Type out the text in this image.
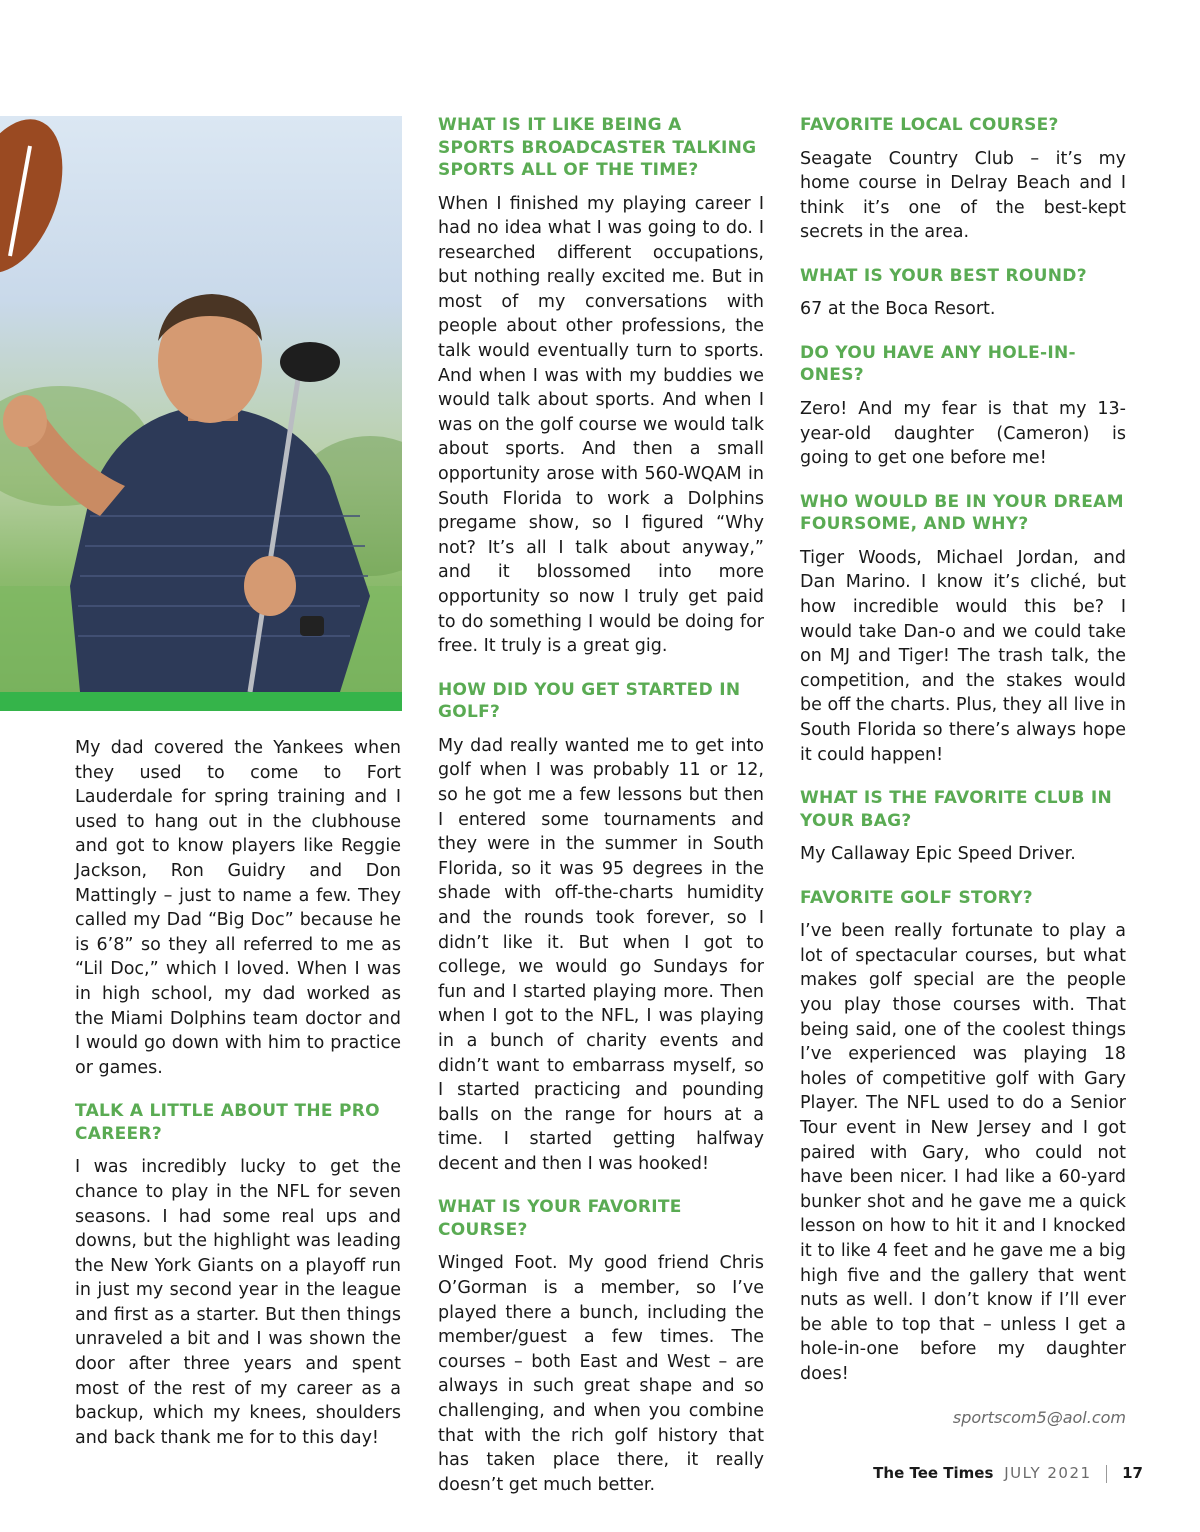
My dad covered the Yankees when they used to come to Fort Lauderdale for spring training and I used to hang out in the clubhouse and got to know players like Reggie Jackson, Ron Guidry and Don Mattingly – just to name a few. They called my Dad “Big Doc” because he is 6’8” so they all referred to me as “Lil Doc,” which I loved. When I was in high school, my dad worked as the Miami Dolphins team doctor and I would go down with him to practice or games.

TALK A LITTLE ABOUT THE PRO CAREER?

I was incredibly lucky to get the chance to play in the NFL for seven seasons. I had some real ups and downs, but the highlight was leading the New York Giants on a playoff run in just my second year in the league and first as a starter. But then things unraveled a bit and I was shown the door after three years and spent most of the rest of my career as a backup, which my knees, shoulders and back thank me for to this day!

WHAT IS IT LIKE BEING A SPORTS BROADCASTER TALKING SPORTS ALL OF THE TIME?

When I finished my playing career I had no idea what I was going to do. I researched different occupations, but nothing really excited me. But in most of my conversations with people about other professions, the talk would eventually turn to sports. And when I was with my buddies we would talk about sports. And when I was on the golf course we would talk about sports. And then a small opportunity arose with 560-WQAM in South Florida to work a Dolphins pregame show, so I figured “Why not? It’s all I talk about anyway,” and it blossomed into more opportunity so now I truly get paid to do something I would be doing for free. It truly is a great gig.

HOW DID YOU GET STARTED IN GOLF?

My dad really wanted me to get into golf when I was probably 11 or 12, so he got me a few lessons but then I entered some tournaments and they were in the summer in South Florida, so it was 95 degrees in the shade with off-the-charts humidity and the rounds took forever, so I didn’t like it. But when I got to college, we would go Sundays for fun and I started playing more. Then when I got to the NFL, I was playing in a bunch of charity events and didn’t want to embarrass myself, so I started practicing and pounding balls on the range for hours at a time. I started getting halfway decent and then I was hooked!

WHAT IS YOUR FAVORITE COURSE?

Winged Foot. My good friend Chris O’Gorman is a member, so I’ve played there a bunch, including the member/guest a few times. The courses – both East and West – are always in such great shape and so challenging, and when you combine that with the rich golf history that has taken place there, it really doesn’t get much better.

FAVORITE LOCAL COURSE?

Seagate Country Club – it’s my home course in Delray Beach and I think it’s one of the best-kept secrets in the area.

WHAT IS YOUR BEST ROUND?

67 at the Boca Resort.

DO YOU HAVE ANY HOLE-IN-ONES?

Zero! And my fear is that my 13-year-old daughter (Cameron) is going to get one before me!

WHO WOULD BE IN YOUR DREAM FOURSOME, AND WHY?

Tiger Woods, Michael Jordan, and Dan Marino. I know it’s cliché, but how incredible would this be? I would take Dan-o and we could take on MJ and Tiger! The trash talk, the competition, and the stakes would be off the charts. Plus, they all live in South Florida so there’s always hope it could happen!

WHAT IS THE FAVORITE CLUB IN YOUR BAG?

My Callaway Epic Speed Driver.

FAVORITE GOLF STORY?

I’ve been really fortunate to play a lot of spectacular courses, but what makes golf special are the people you play those courses with. That being said, one of the coolest things I’ve experienced was playing 18 holes of competitive golf with Gary Player. The NFL used to do a Senior Tour event in New Jersey and I got paired with Gary, who could not have been nicer. I had like a 60-yard bunker shot and he gave me a quick lesson on how to hit it and I knocked it to like 4 feet and he gave me a big high five and the gallery that went nuts as well. I don’t know if I’ll ever be able to top that – unless I get a hole-in-one before my daughter does!

sportscom5@aol.com
The Tee Times JULY 2021 17
